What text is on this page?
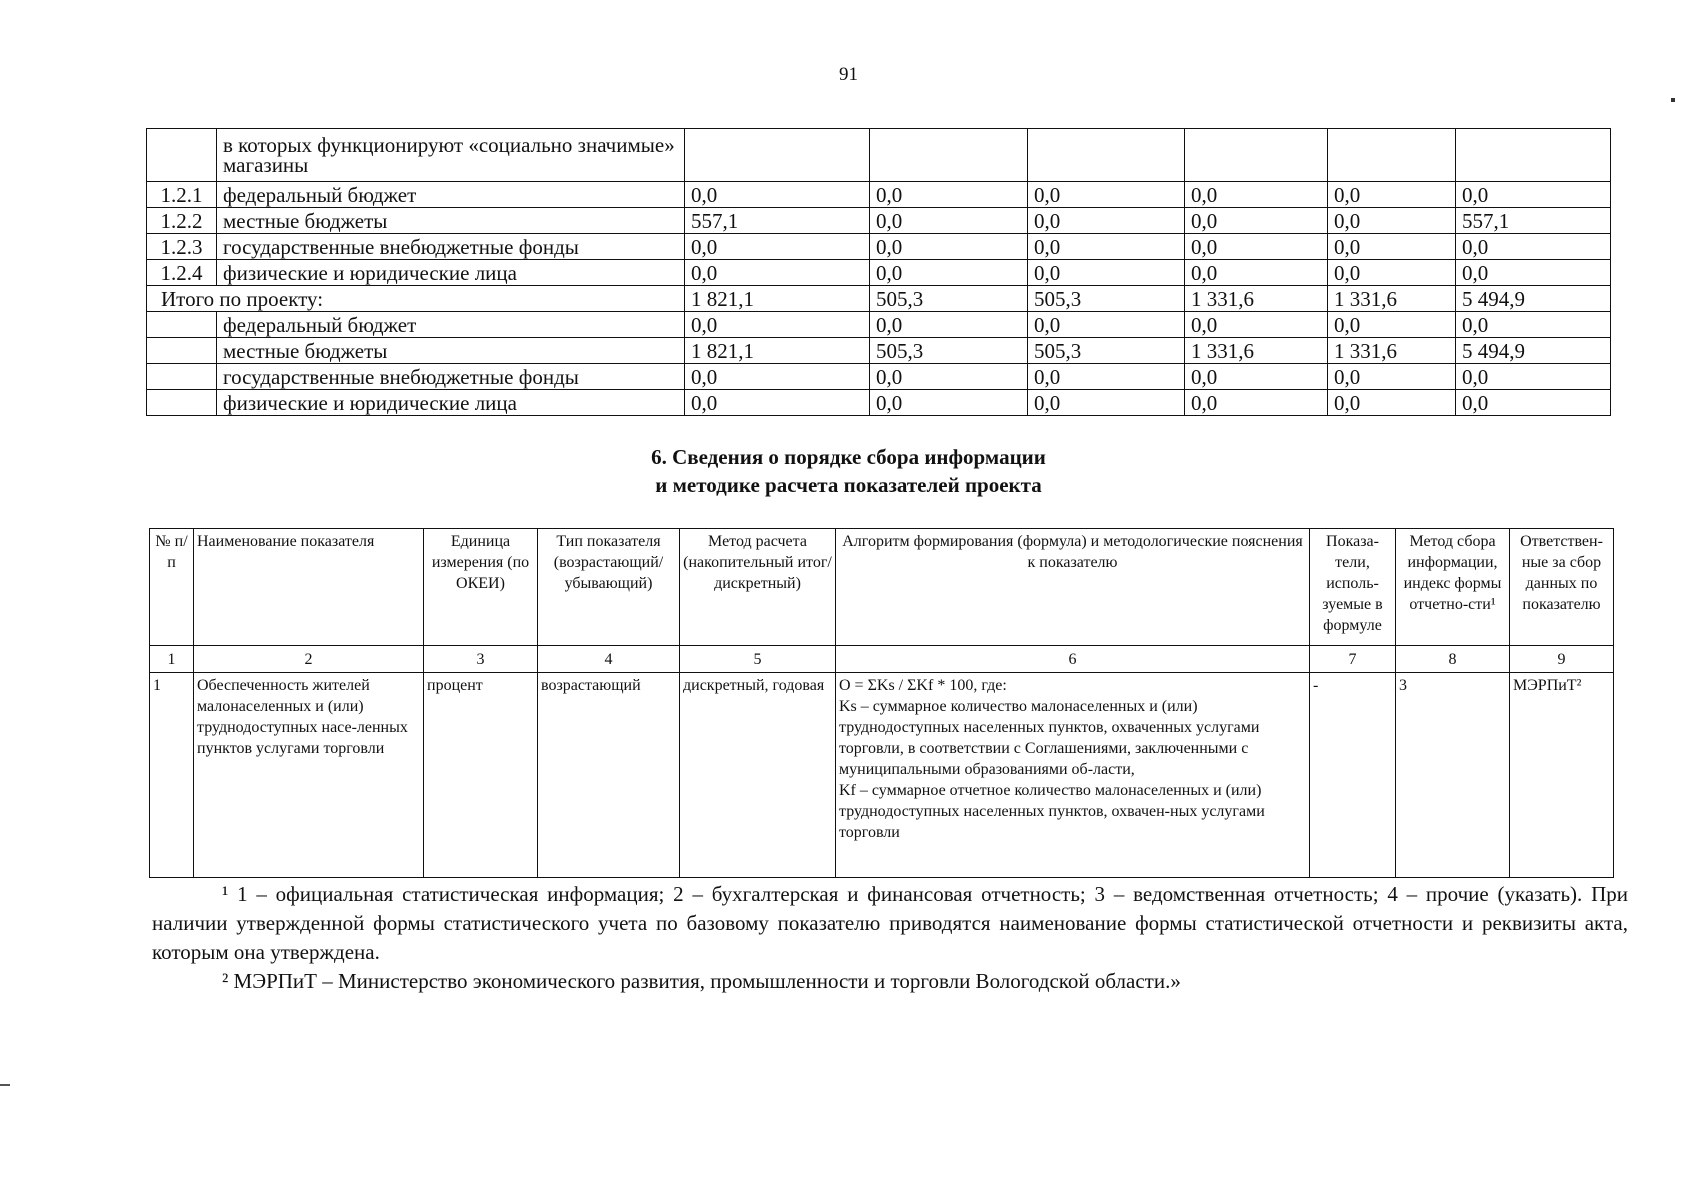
91
	в которых функционируют «социально значимые» магазины						
1.2.1	федеральный бюджет	0,0	0,0	0,0	0,0	0,0	0,0
1.2.2	местные бюджеты	557,1	0,0	0,0	0,0	0,0	557,1
1.2.3	государственные внебюджетные фонды	0,0	0,0	0,0	0,0	0,0	0,0
1.2.4	физические и юридические лица	0,0	0,0	0,0	0,0	0,0	0,0
Итого по проекту:		1 821,1	505,3	505,3	1 331,6	1 331,6	5 494,9
	федеральный бюджет	0,0	0,0	0,0	0,0	0,0	0,0
	местные бюджеты	1 821,1	505,3	505,3	1 331,6	1 331,6	5 494,9
	государственные внебюджетные фонды	0,0	0,0	0,0	0,0	0,0	0,0
	физические и юридические лица	0,0	0,0	0,0	0,0	0,0	0,0
6. Сведения о порядке сбора информации
и методике расчета показателей проекта
№ п/п	Наименование показателя	Единица измерения (по ОКЕИ)	Тип показателя (возрастающий/ убывающий)	Метод расчета (накопительный итог/дискретный)	Алгоритм формирования (формула) и методологические пояснения к показателю	Показа-тели, исполь-зуемые в формуле	Метод сбора информации, индекс формы отчетно-сти¹	Ответствен-ные за сбор данных по показателю
1	2	3	4	5	6	7	8	9
1	Обеспеченность жителей малонаселенных и (или) труднодоступных насе-ленных пунктов услугами торговли	процент	возрастающий	дискретный, годовая	O = ΣKs / ΣKf * 100, где:
Ks – суммарное количество малонаселенных и (или) труднодоступных населенных пунктов, охваченных услугами торговли, в соответствии с Соглашениями, заключенными с муниципальными образованиями об-ласти,
Kf – суммарное отчетное количество малонаселенных и (или) труднодоступных населенных пунктов, охвачен-ных услугами торговли	-	3	МЭРПиТ²

¹ 1 – официальная статистическая информация; 2 – бухгалтерская и финансовая отчетность; 3 – ведомственная отчетность; 4 – прочие (указать). При наличии утвержденной формы статистического учета по базовому показателю приводятся наименование формы статистической отчетности и реквизиты акта, которым она утверждена.

² МЭРПиТ – Министерство экономического развития, промышленности и торговли Вологодской области.»
